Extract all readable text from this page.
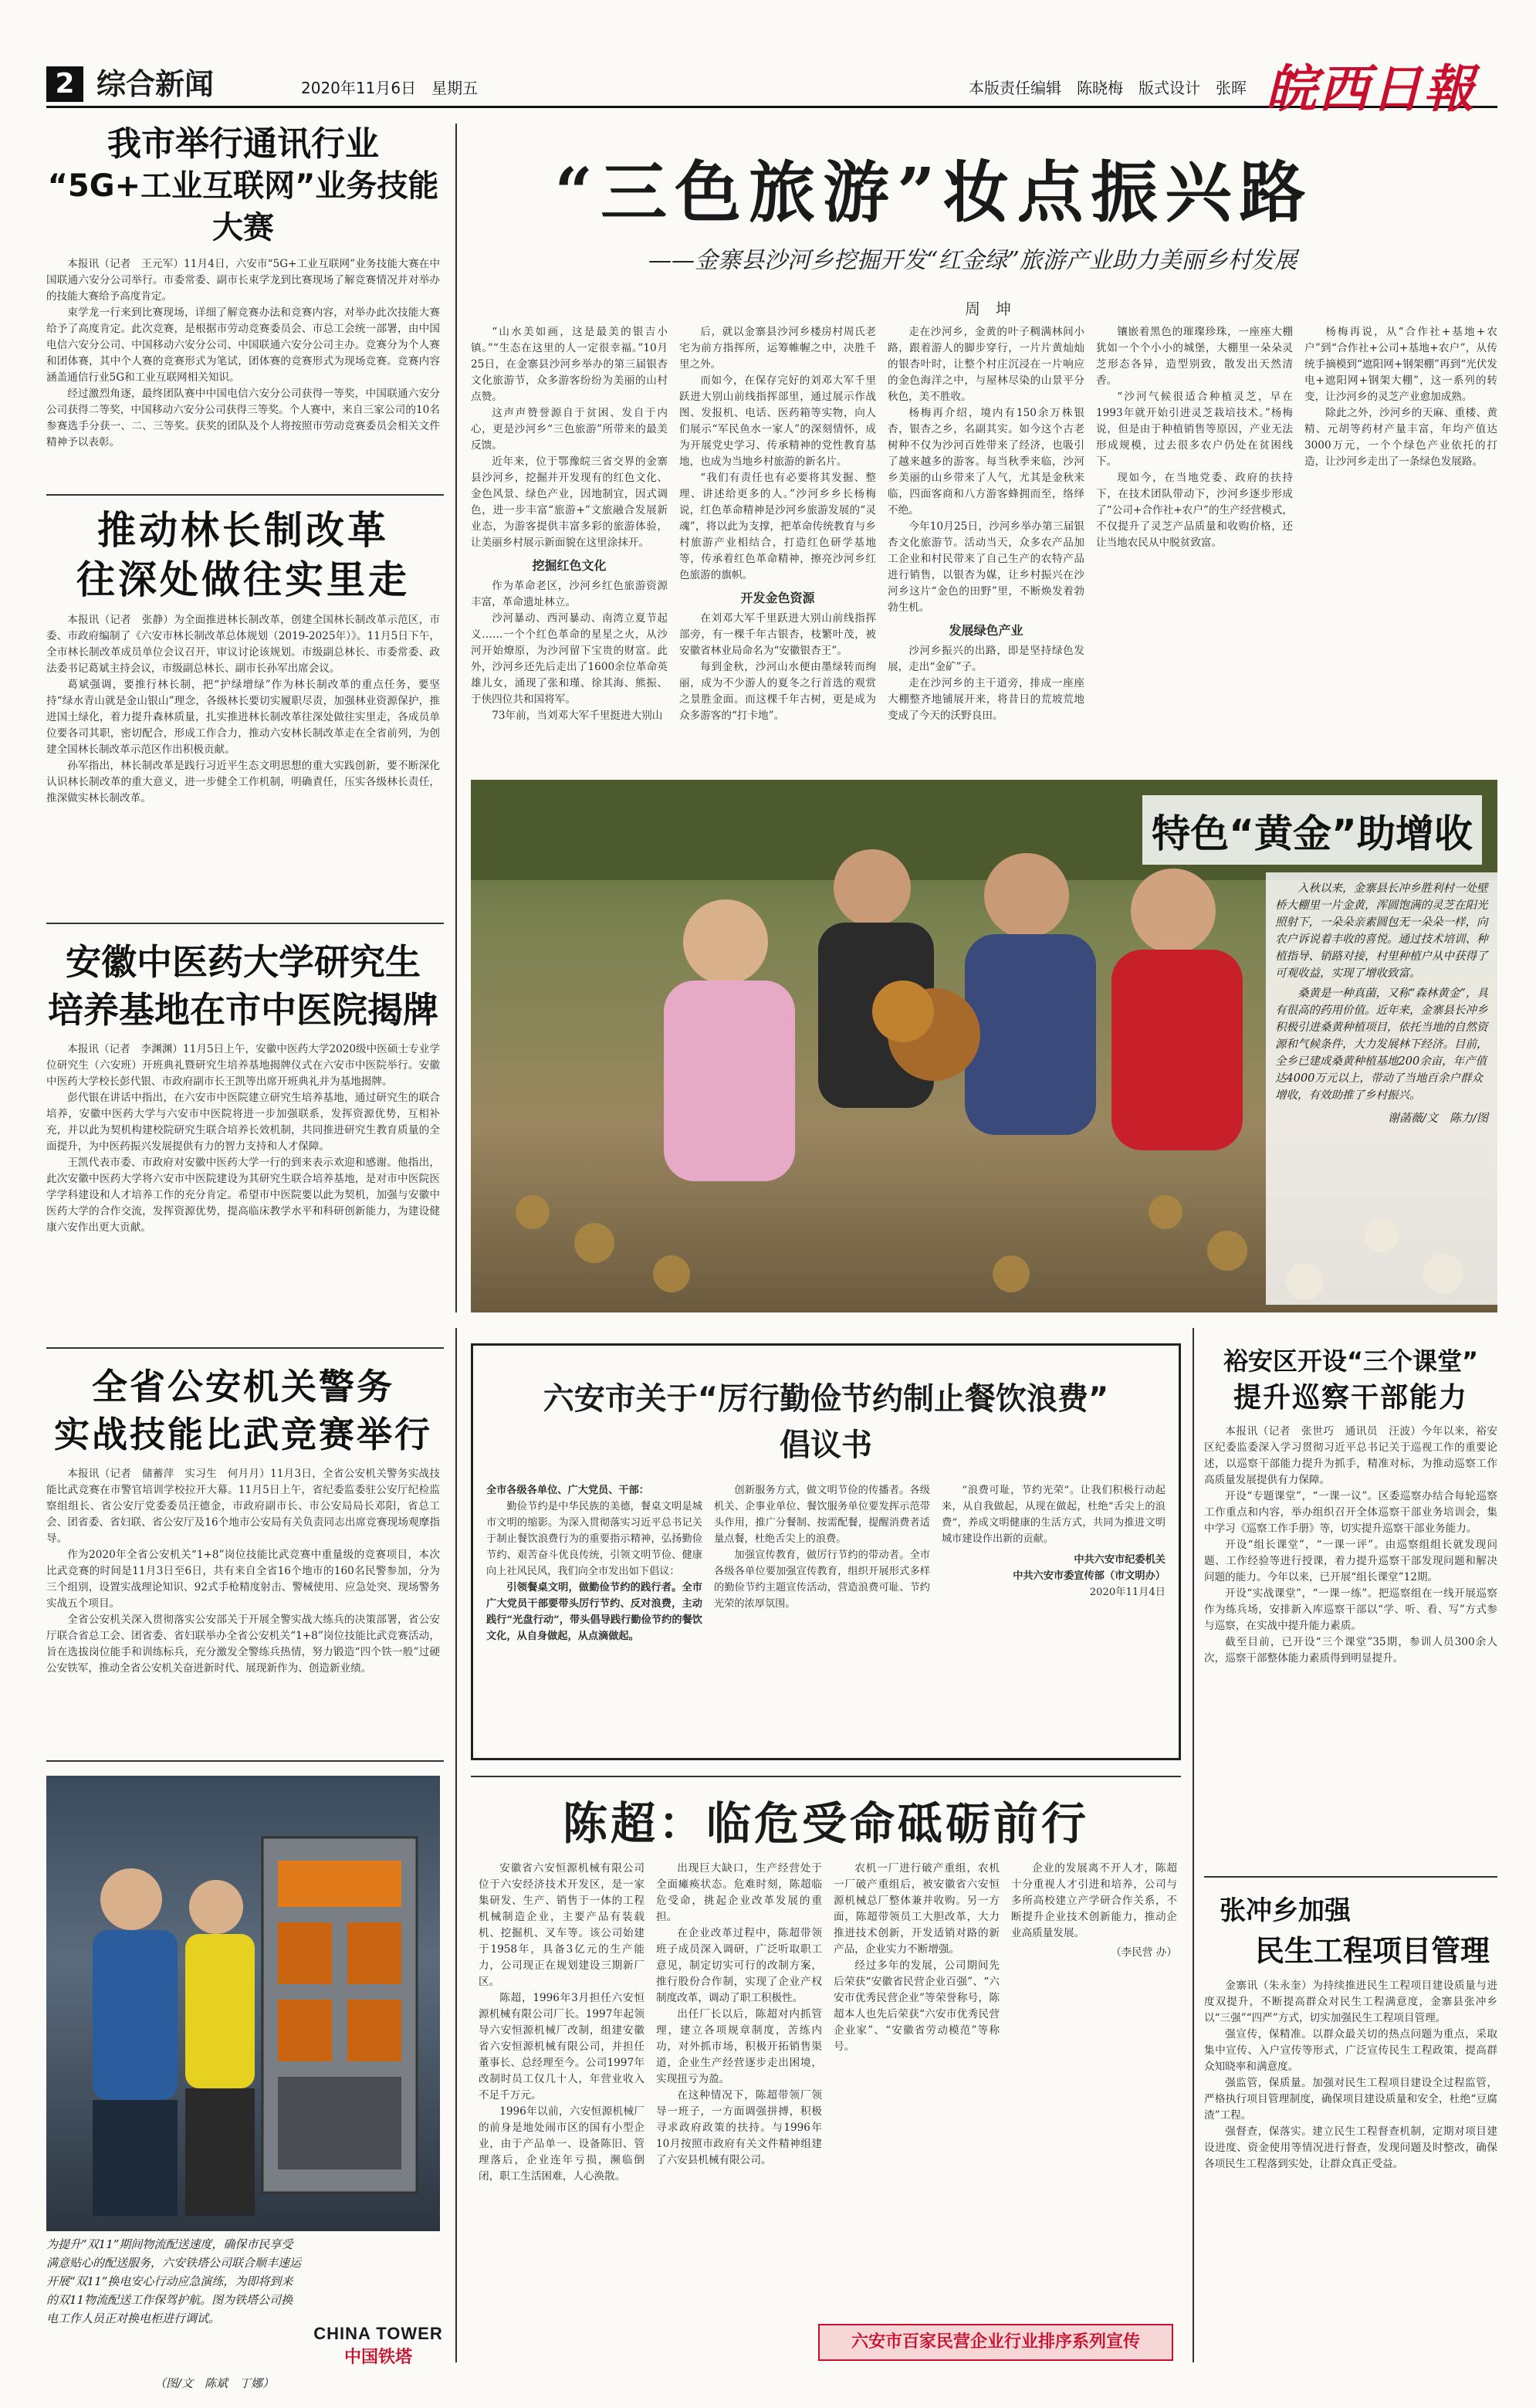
2 综合新闻	2020年11月6日　星期五	本版责任编辑　陈晓梅　版式设计　张晖 皖西日報
我市举行通讯行业
“5G+工业互联网”业务技能大赛

本报讯（记者　王元军）11月4日，六安市“5G+工业互联网”业务技能大赛在中国联通六安分公司举行。市委常委、副市长束学龙到比赛现场了解竞赛情况并对举办的技能大赛给予高度肯定。

束学龙一行来到比赛现场，详细了解竞赛办法和竞赛内容，对举办此次技能大赛给予了高度肯定。此次竞赛，是根据市劳动竞赛委员会、市总工会统一部署，由中国电信六安分公司、中国移动六安分公司、中国联通六安分公司主办。竞赛分为个人赛和团体赛，其中个人赛的竞赛形式为笔试，团体赛的竞赛形式为现场竞赛。竞赛内容涵盖通信行业5G和工业互联网相关知识。

经过激烈角逐，最终团队赛中中国电信六安分公司获得一等奖，中国联通六安分公司获得二等奖，中国移动六安分公司获得三等奖。个人赛中，来自三家公司的10名参赛选手分获一、二、三等奖。获奖的团队及个人将按照市劳动竞赛委员会相关文件精神予以表彰。

推动林长制改革
往深处做往实里走

本报讯（记者　张静）为全面推进林长制改革，创建全国林长制改革示范区，市委、市政府编制了《六安市林长制改革总体规划（2019-2025年）》。11月5日下午，全市林长制改革成员单位会议召开，审议讨论该规划。市级副总林长、市委常委、政法委书记葛斌主持会议，市级副总林长、副市长孙军出席会议。

葛斌强调，要推行林长制，把“护绿增绿”作为林长制改革的重点任务，要坚持“绿水青山就是金山银山”理念，各级林长要切实履职尽责，加强林业资源保护，推进国土绿化，着力提升森林质量，扎实推进林长制改革往深处做往实里走，各成员单位要各司其职，密切配合，形成工作合力，推动六安林长制改革走在全省前列，为创建全国林长制改革示范区作出积极贡献。

孙军指出，林长制改革是践行习近平生态文明思想的重大实践创新，要不断深化认识林长制改革的重大意义，进一步健全工作机制，明确責任，压实各级林长责任，推深做实林长制改革。

安徽中医药大学研究生
培养基地在市中医院揭牌

本报讯（记者　李渊渊）11月5日上午，安徽中医药大学2020级中医硕士专业学位研究生（六安班）开班典礼暨研究生培养基地揭牌仪式在六安市中医院举行。安徽中医药大学校长彭代银、市政府副市长王凯等出席开班典礼并为基地揭牌。

彭代银在讲话中指出，在六安市中医院建立研究生培养基地，通过研究生的联合培养，安徽中医药大学与六安市中医院将进一步加强联系，发挥资源优势，互相补充，并以此为契机构建校院研究生联合培养长效机制，共同推进研究生教育质量的全面提升，为中医药振兴发展提供有力的智力支持和人才保障。

王凯代表市委、市政府对安徽中医药大学一行的到来表示欢迎和感谢。他指出，此次安徽中医药大学将六安市中医院建设为其研究生联合培养基地，是对市中医院医学学科建设和人才培养工作的充分肯定。希望市中医院要以此为契机，加强与安徽中医药大学的合作交流，发挥资源优势，提高临床教学水平和科研创新能力，为建设健康六安作出更大贡献。

全省公安机关警务
实战技能比武竞赛举行

本报讯（记者　储蓄萍　实习生　何月月）11月3日，全省公安机关警务实战技能比武竞赛在市警官培训学校拉开大幕。11月5日上午，省纪委监委驻公安厅纪检监察组组长、省公安厅党委委员汪德金，市政府副市长、市公安局局长邓阳，省总工会、团省委、省妇联、省公安厅及16个地市公安局有关负责同志出席竞赛现场观摩指导。

作为2020年全省公安机关“1+8”岗位技能比武竞赛中重量级的竞赛项目，本次比武竞赛的时间是11月3日至6日，共有来自全省16个地市的160名民警参加，分为三个组别，设置实战理论知识、92式手枪精度射击、警械使用、应急处突、现场警务实战五个项目。

全省公安机关深入贯彻落实公安部关于开展全警实战大练兵的决策部署，省公安厅联合省总工会、团省委、省妇联举办全省公安机关“1+8”岗位技能比武竞赛活动，旨在选拔岗位能手和训练标兵，充分激发全警练兵热情，努力锻造“四个铁一般”过硬公安铁军，推动全省公安机关奋进新时代、展现新作为、创造新业绩。

为提升“双11”期间物流配送速度，确保市民享受满意贴心的配送服务，六安铁塔公司联合顺丰速运开展“双11”换电安心行动应急演练，为即将到来的双11物流配送工作保驾护航。图为铁塔公司换电工作人员正对换电柜进行调试。
（图/文　陈斌　丁娜）
CHINA TOWER
中国铁塔
“三色旅游”妆点振兴路
——金寨县沙河乡挖掘开发“红金绿”旅游产业助力美丽乡村发展
周　坤

“山水美如画，这是最美的银吉小镇。”“生态在这里的人一定很幸福。”10月25日，在金寨县沙河乡举办的第三届银杏文化旅游节，众多游客纷纷为美丽的山村点赞。

这声声赞誉源自于贫困、发自于内心，更是沙河乡“三色旅游”所带来的最美反馈。

近年来，位于鄂豫皖三省交界的金寨县沙河乡，挖掘并开发现有的红色文化、金色风景、绿色产业，因地制宜，因式调色，进一步丰富“旅游+”文旅融合发展新业态，为游客提供丰富多彩的旅游体验，让美丽乡村展示新面貌在这里涂抹开。

挖掘红色文化

作为革命老区，沙河乡红色旅游资源丰富，革命遗址林立。

沙河暴动、西河暴动、南湾立夏节起义……一个个红色革命的星星之火，从沙河开始燎原，为沙河留下宝贵的财富。此外，沙河乡还先后走出了1600余位革命英雄儿女，涌现了张和瑾、徐其海、熊振、于侠四位共和国将军。

73年前，当刘邓大军千里挺进大别山

后，就以金寨县沙河乡楼房村周氏老宅为前方指挥所，运筹帷幄之中，决胜千里之外。

而如今，在保存完好的刘邓大军千里跃进大别山前线指挥部里，通过展示作战图、发报机、电话、医药箱等实物，向人们展示“军民鱼水一家人”的深刻情怀，成为开展党史学习、传承精神的党性教育基地，也成为当地乡村旅游的新名片。

“我们有责任也有必要将其发掘、整理、讲述给更多的人。”沙河乡乡长杨梅说，红色革命精神是沙河乡旅游发展的“灵魂”，将以此为支撑，把革命传统教育与乡村旅游产业相结合，打造红色研学基地等，传承着红色革命精神，擦亮沙河乡红色旅游的旗帜。

开发金色资源

在刘邓大军千里跃进大别山前线指挥部旁，有一棵千年古银杏，枝繁叶茂，被安徽省林业局命名为“安徽银杏王”。

每到金秋，沙河山水便由墨绿转而绚丽，成为不少游人的夏冬之行首选的观赏之景胜金面。而这棵千年古树，更是成为众多游客的“打卡地”。

走在沙河乡，金黄的叶子稠满林间小路，跟着游人的脚步穿行，一片片黄灿灿的银杏叶时，让整个村庄沉浸在一片响应的金色海洋之中，与屋林尽染的山景平分秋色，美不胜收。

杨梅再介绍，境内有150余万株银杏，银杏之乡，名副其实。如今这个古老树种不仅为沙河百姓带来了经济，也吸引了越来越多的游客。每当秋季来临，沙河乡美丽的山乡带来了人气，尤其是金秋来临，四面客商和八方游客蜂拥而至，络绎不绝。

今年10月25日，沙河乡举办第三届银杏文化旅游节。活动当天，众多农产品加工企业和村民带来了自己生产的农特产品进行销售，以银杏为媒，让乡村振兴在沙河乡这片“金色的田野”里，不断焕发着勃勃生机。

发展绿色产业

沙河乡振兴的出路，即是坚持绿色发展，走出“金矿”子。

走在沙河乡的主干道旁，排成一座座大棚整齐地铺展开来，将昔日的荒坡荒地变成了今天的沃野良田。

镶嵌着黑色的璀璨珍珠，一座座大棚犹如一个个小小的城堡，大棚里一朵朵灵芝形态各异，造型别致，散发出天然清香。

“沙河气候很适合种植灵芝，早在1993年就开始引进灵芝栽培技术。”杨梅说，但是由于种植销售等原因，产业无法形成规模，过去很多农户仍处在贫困线下。

现如今，在当地党委、政府的扶持下，在技术团队带动下，沙河乡逐步形成了“公司+合作社+农户”的生产经营模式，不仅提升了灵芝产品质量和收购价格，还让当地农民从中脱贫致富。

杨梅再说，从“合作社+基地+农户”到“合作社+公司+基地+农户”，从传统手摘模到“遮阳网+钢架棚”再到“光伏发电+遮阳网+钢架大棚”，这一系列的转变，让沙河乡的灵芝产业愈加成熟。

除此之外，沙河乡的天麻、重楼、黄精、元胡等药材产量丰富，年均产值达3000万元，一个个绿色产业依托的打造，让沙河乡走出了一条绿色发展路。

特色“黄金”助增收
入秋以来，金寨县长冲乡胜利村一处壁桥大棚里一片金黄，浑圆饱满的灵芝在阳光照射下，一朵朵亲素圆包无一朵朵一样，向农户诉说着丰收的喜悦。通过技术培训、种植指导、销路对接，村里种植户从中获得了可观收益，实现了增收致富。
桑黄是一种真菌，又称“森林黄金”，具有很高的药用价值。近年来，金寨县长冲乡积极引进桑黄种植项目，依托当地的自然资源和气候条件，大力发展林下经济。目前，全乡已建成桑黄种植基地200余亩，年产值达4000万元以上，带动了当地百余户群众增收，有效助推了乡村振兴。
谢菡薇/文　陈力/图
六安市关于“厉行勤俭节约制止餐饮浪费”
倡议书
全市各级各单位、广大党员、干部：

勤俭节约是中华民族的美德，餐桌文明是城市文明的缩影。为深入贯彻落实习近平总书记关于制止餐饮浪费行为的重要指示精神，弘扬勤俭节约、艰苦奋斗优良传统，引领文明节俭、健康向上社风民风，我们向全市发出如下倡议：

引领餐桌文明，做勤俭节约的践行者。全市广大党员干部要带头厉行节约、反对浪费，主动践行“光盘行动”，带头倡导践行勤俭节约的餐饮文化，从自身做起，从点滴做起。

创新服务方式，做文明节俭的传播者。各级机关、企事业单位、餐饮服务单位要发挥示范带头作用，推广分餐制、按需配餐，提醒消费者适量点餐，杜绝舌尖上的浪费。

加强宣传教育，做厉行节约的带动者。全市各级各单位要加强宣传教育，组织开展形式多样的勤俭节约主题宣传活动，营造浪费可耻、节约光荣的浓厚氛围。

“浪费可耻，节约光荣”。让我们积极行动起来，从自我做起，从现在做起，杜绝“舌尖上的浪费”，养成文明健康的生活方式，共同为推进文明城市建设作出新的贡献。

中共六安市纪委机关
中共六安市委宣传部（市文明办）
2020年11月4日
裕安区开设“三个课堂”
提升巡察干部能力

本报讯（记者　张世巧　通讯员　汪波）今年以来，裕安区纪委监委深入学习贯彻习近平总书记关于巡视工作的重要论述，以巡察干部能力提升为抓手，精准对标，为推动巡察工作高质量发展提供有力保障。

开设“专题课堂”，“一课一议”。区委巡察办结合每轮巡察工作重点和内容，举办组织召开全体巡察干部业务培训会，集中学习《巡察工作手册》等，切实提升巡察干部业务能力。

开设“组长课堂”，“一课一评”。由巡察组组长就发现问题、工作经验等进行授课，着力提升巡察干部发现问题和解决问题的能力。今年以来，已开展“组长课堂”12期。

开设“实战课堂”，“一课一练”。把巡察组在一线开展巡察作为练兵场，安排新入库巡察干部以“学、听、看、写”方式参与巡察，在实战中提升能力素质。

截至目前，已开设“三个课堂”35期，参训人员300余人次，巡察干部整体能力素质得到明显提升。

张冲乡加强
民生工程项目管理

金寨讯（朱永奎）为持续推进民生工程项目建设质量与进度双提升，不断提高群众对民生工程满意度，金寨县张冲乡以“三强”“四严”方式，切实加强民生工程项目管理。

强宣传，保精准。以群众最关切的热点问题为重点，采取集中宣传、入户宣传等形式，广泛宣传民生工程政策，提高群众知晓率和满意度。

强监管，保质量。加强对民生工程项目建设全过程监管，严格执行项目管理制度，确保项目建设质量和安全，杜绝“豆腐渣”工程。

强督查，保落实。建立民生工程督查机制，定期对项目建设进度、资金使用等情况进行督查，发现问题及时整改，确保各项民生工程落到实处，让群众真正受益。

陈超：临危受命砥砺前行

安徽省六安恒源机械有限公司位于六安经济技术开发区，是一家集研发、生产、销售于一体的工程机械制造企业，主要产品有装载机、挖掘机、叉车等。该公司始建于1958年，具备3亿元的生产能力，公司现正在规划建设三期新厂区。

陈超，1996年3月担任六安恒源机械有限公司厂长。1997年起领导六安恒源机械厂改制，组建安徽省六安恒源机械有限公司，并担任董事长、总经理至今。公司1997年改制时员工仅几十人，年营业收入不足千万元。

1996年以前，六安恒源机械厂的前身是地处闹市区的国有小型企业，由于产品单一、设备陈旧、管理落后，企业连年亏损，濒临倒闭，职工生活困难，人心涣散。

出现巨大缺口，生产经营处于全面瘫痪状态。危难时刻，陈超临危受命，挑起企业改革发展的重担。

在企业改革过程中，陈超带领班子成员深入调研，广泛听取职工意见，制定切实可行的改制方案，推行股份合作制，实现了企业产权制度改革，调动了职工积极性。

出任厂长以后，陈超对内抓管理，建立各项规章制度，苦练内功，对外抓市场，积极开拓销售渠道，企业生产经营逐步走出困境，实现扭亏为盈。

在这种情况下，陈超带领厂领导一班子，一方面调强拼搏，积极寻求政府政策的扶持。与1996年10月按照市政府有关文件精神组建了六安县机械有限公司。

农机一厂进行破产重组，农机一厂破产重组后，被安徽省六安恒源机械总厂整体兼并收购。另一方面，陈超带领员工大胆改革，大力推进技术创新，开发适销对路的新产品，企业实力不断增强。

经过多年的发展，公司期间先后荣获“安徽省民营企业百强”、“六安市优秀民营企业”等荣誉称号，陈超本人也先后荣获“六安市优秀民营企业家”、“安徽省劳动模范”等称号。

企业的发展离不开人才，陈超十分重视人才引进和培养，公司与多所高校建立产学研合作关系，不断提升企业技术创新能力，推动企业高质量发展。

（李民营 办）
六安市百家民营企业行业排序系列宣传
